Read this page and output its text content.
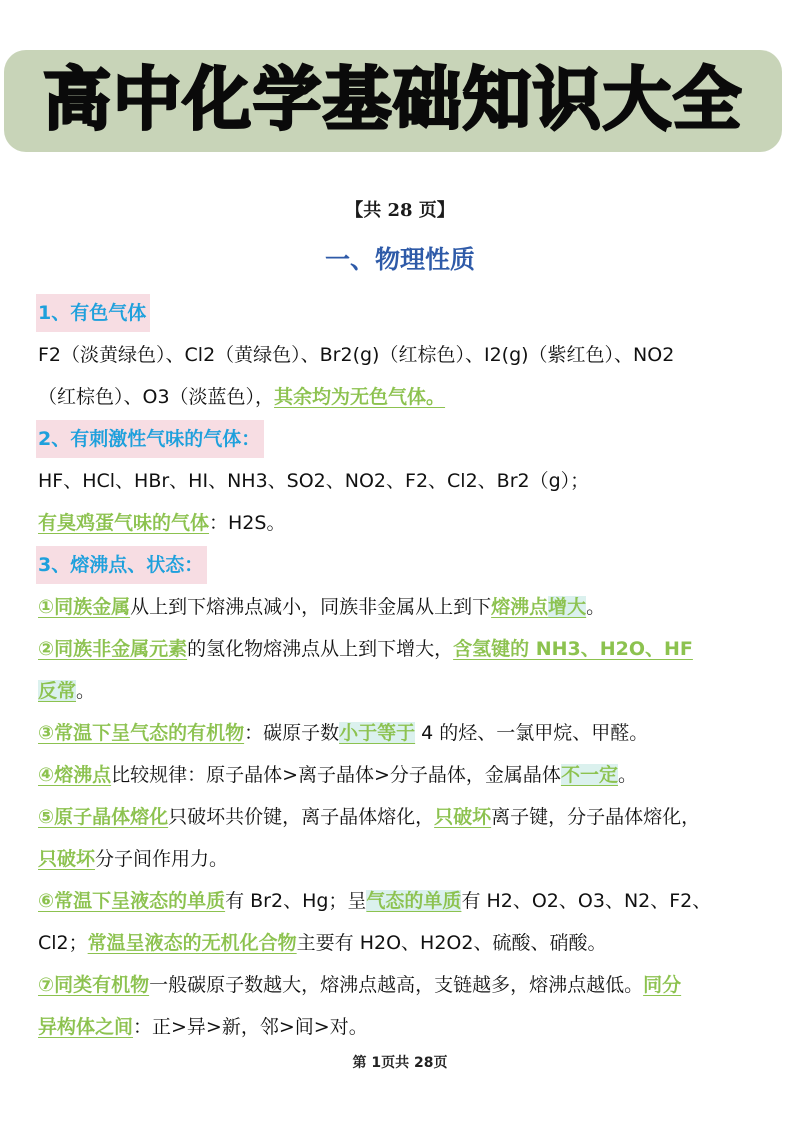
高中化学基础知识大全
【共 28 页】
一、物理性质
1、有色气体
F2（淡黄绿色）、Cl2（黄绿色）、Br2(g)（红棕色）、I2(g)（紫红色）、NO2
（红棕色）、O3（淡蓝色），其余均为无色气体。
2、有刺激性气味的气体：
HF、HCl、HBr、HI、NH3、SO2、NO2、F2、Cl2、Br2（g）；
有臭鸡蛋气味的气体：H2S。
3、熔沸点、状态：
①同族金属从上到下熔沸点减小，同族非金属从上到下熔沸点增大。
②同族非金属元素的氢化物熔沸点从上到下增大，含氢键的 NH3、H2O、HF
反常。
③常温下呈气态的有机物：碳原子数小于等于 4 的烃、一氯甲烷、甲醛。
④熔沸点比较规律：原子晶体>离子晶体>分子晶体，金属晶体不一定。
⑤原子晶体熔化只破坏共价键，离子晶体熔化，只破坏离子键，分子晶体熔化，
只破坏分子间作用力。
⑥常温下呈液态的单质有 Br2、Hg；呈气态的单质有 H2、O2、O3、N2、F2、
Cl2；常温呈液态的无机化合物主要有 H2O、H2O2、硫酸、硝酸。
⑦同类有机物一般碳原子数越大，熔沸点越高，支链越多，熔沸点越低。同分
异构体之间：正>异>新，邻>间>对。
第 1页共 28页
